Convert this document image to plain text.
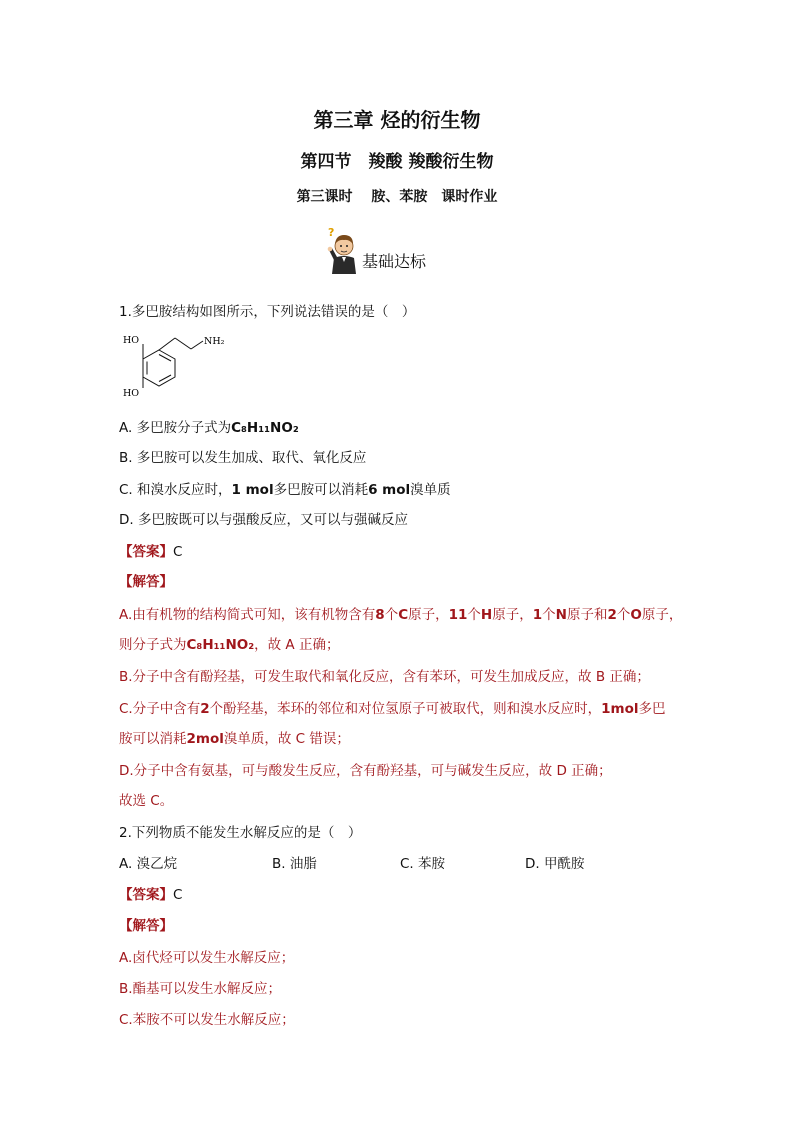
第三章 烃的衍生物
第四节　羧酸 羧酸衍生物
第三课时　 胺、苯胺　课时作业
?
基础达标
1.多巴胺结构如图所示，下列说法错误的是（　）
HO
HO
NH₂
A. 多巴胺分子式为C₈H₁₁NO₂
B. 多巴胺可以发生加成、取代、氧化反应
C. 和溴水反应时，1 mol多巴胺可以消耗6 mol溴单质
D. 多巴胺既可以与强酸反应，又可以与强碱反应
【答案】C
【解答】
A.由有机物的结构简式可知，该有机物含有8个C原子，11个H原子，1个N原子和2个O原子，
则分子式为C₈H₁₁NO₂，故 A 正确；
B.分子中含有酚羟基，可发生取代和氧化反应，含有苯环，可发生加成反应，故 B 正确；
C.分子中含有2个酚羟基，苯环的邻位和对位氢原子可被取代，则和溴水反应时，1mol多巴
胺可以消耗2mol溴单质，故 C 错误；
D.分子中含有氨基，可与酸发生反应，含有酚羟基，可与碱发生反应，故 D 正确；
故选 C。
2.下列物质不能发生水解反应的是（　）
A. 溴乙烷	B. 油脂	C. 苯胺	D. 甲酰胺
【答案】C
【解答】
A.卤代烃可以发生水解反应；
B.酯基可以发生水解反应；
C.苯胺不可以发生水解反应；
